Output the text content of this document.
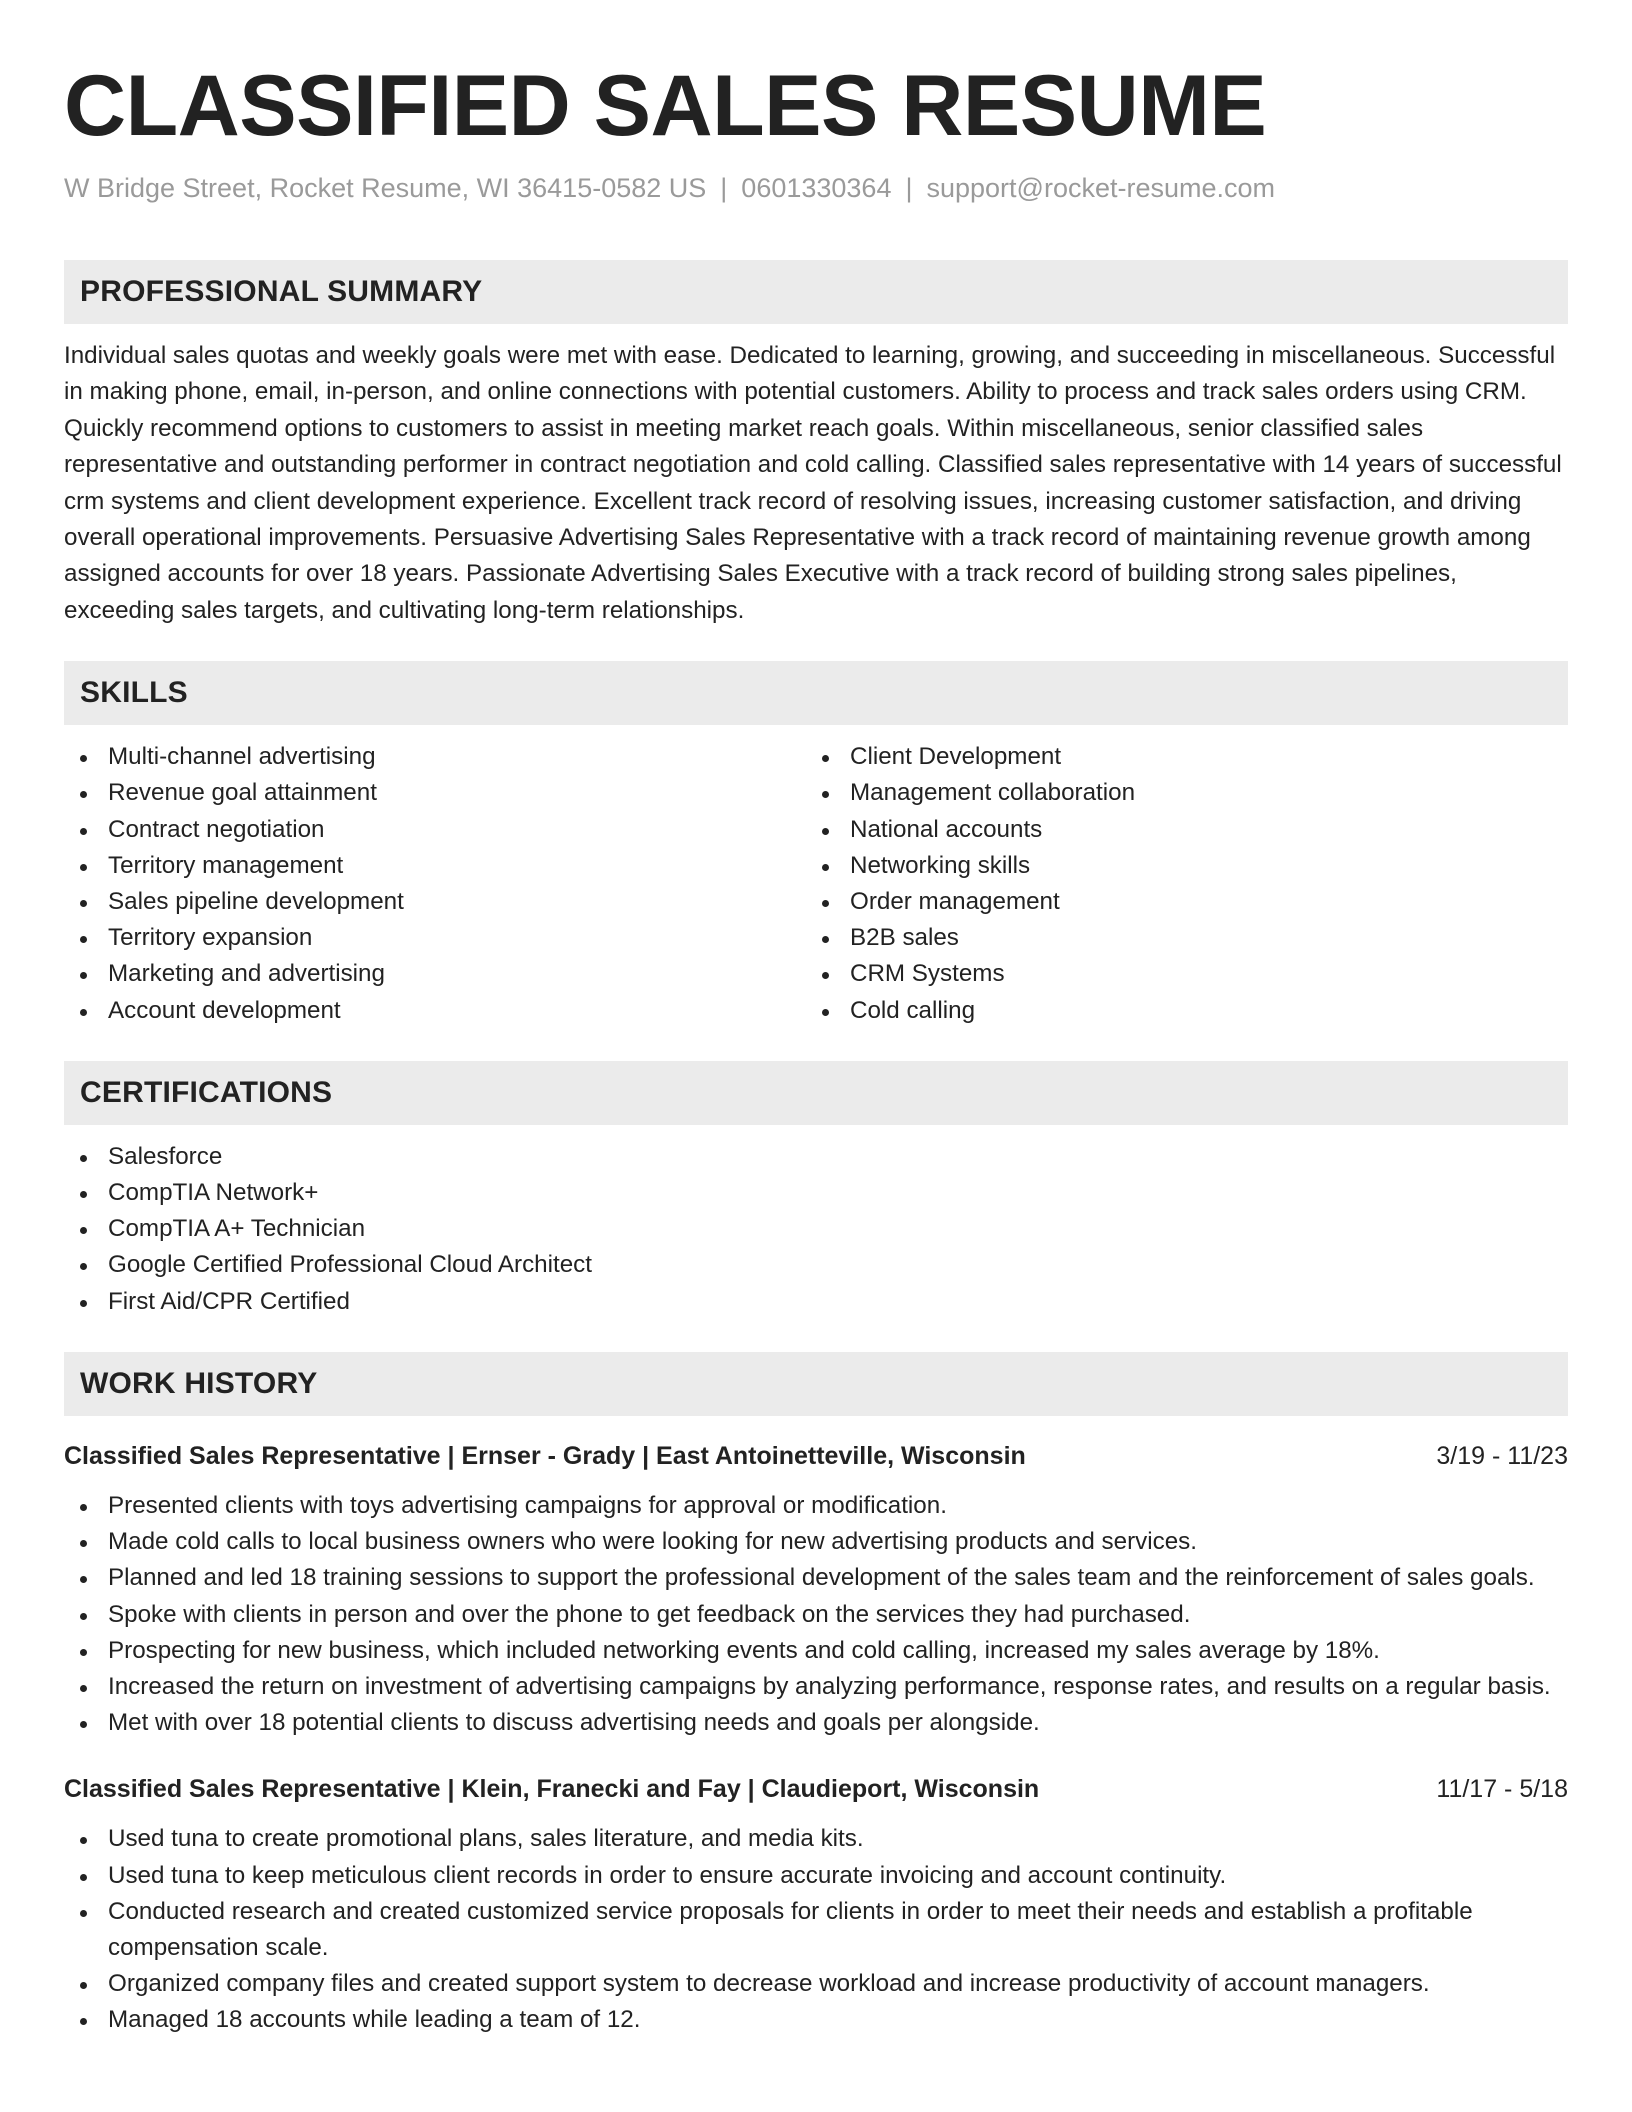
CLASSIFIED SALES RESUME
W Bridge Street, Rocket Resume, WI 36415-0582 US | 0601330364 | support@rocket-resume.com
PROFESSIONAL SUMMARY
Individual sales quotas and weekly goals were met with ease. Dedicated to learning, growing, and succeeding in miscellaneous. Successful in making phone, email, in-person, and online connections with potential customers. Ability to process and track sales orders using CRM. Quickly recommend options to customers to assist in meeting market reach goals. Within miscellaneous, senior classified sales representative and outstanding performer in contract negotiation and cold calling. Classified sales representative with 14 years of successful crm systems and client development experience. Excellent track record of resolving issues, increasing customer satisfaction, and driving overall operational improvements. Persuasive Advertising Sales Representative with a track record of maintaining revenue growth among assigned accounts for over 18 years. Passionate Advertising Sales Executive with a track record of building strong sales pipelines, exceeding sales targets, and cultivating long-term relationships.
SKILLS
Multi-channel advertising
Revenue goal attainment
Contract negotiation
Territory management
Sales pipeline development
Territory expansion
Marketing and advertising
Account development
Client Development
Management collaboration
National accounts
Networking skills
Order management
B2B sales
CRM Systems
Cold calling
CERTIFICATIONS
Salesforce
CompTIA Network+
CompTIA A+ Technician
Google Certified Professional Cloud Architect
First Aid/CPR Certified
WORK HISTORY
Classified Sales Representative | Ernser - Grady | East Antoinetteville, Wisconsin	3/19 - 11/23
Presented clients with toys advertising campaigns for approval or modification.
Made cold calls to local business owners who were looking for new advertising products and services.
Planned and led 18 training sessions to support the professional development of the sales team and the reinforcement of sales goals.
Spoke with clients in person and over the phone to get feedback on the services they had purchased.
Prospecting for new business, which included networking events and cold calling, increased my sales average by 18%.
Increased the return on investment of advertising campaigns by analyzing performance, response rates, and results on a regular basis.
Met with over 18 potential clients to discuss advertising needs and goals per alongside.
Classified Sales Representative | Klein, Franecki and Fay | Claudieport, Wisconsin	11/17 - 5/18
Used tuna to create promotional plans, sales literature, and media kits.
Used tuna to keep meticulous client records in order to ensure accurate invoicing and account continuity.
Conducted research and created customized service proposals for clients in order to meet their needs and establish a profitable compensation scale.
Organized company files and created support system to decrease workload and increase productivity of account managers.
Managed 18 accounts while leading a team of 12.
